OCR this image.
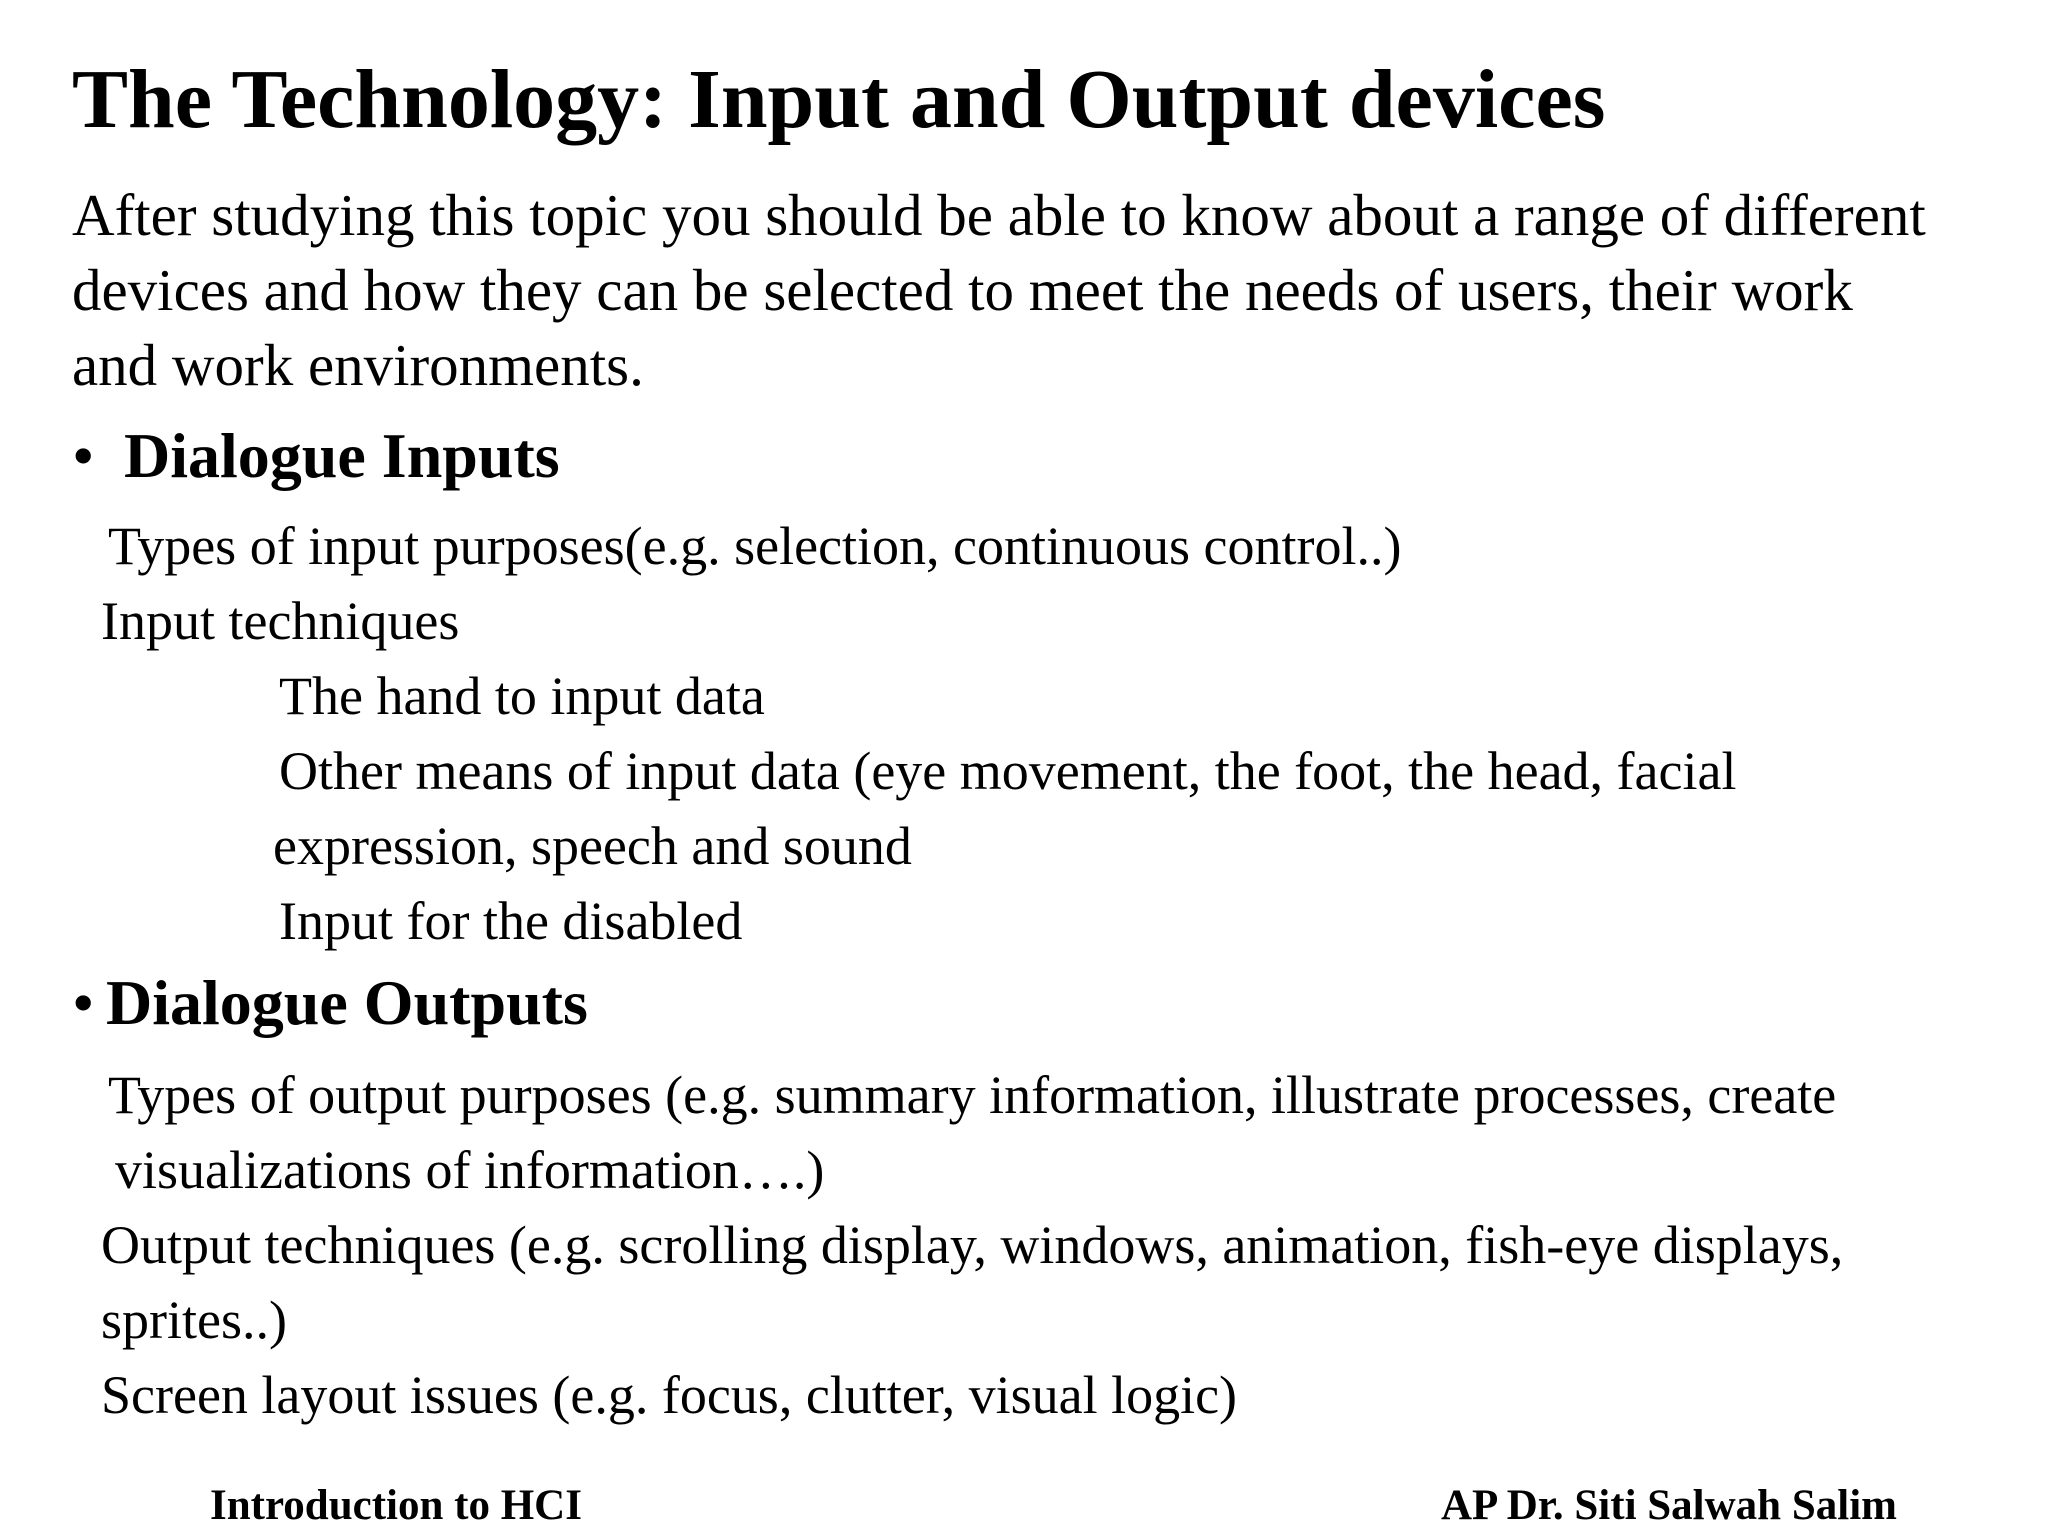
The Technology: Input and Output devices
After studying this topic you should be able to know about a range of different
devices and how they can be selected to meet the needs of users, their work
and work environments.
• Dialogue Inputs
Types of input purposes(e.g. selection, continuous control..)
Input techniques
The hand to input data
Other means of input data (eye movement, the foot, the head, facial
expression, speech and sound
Input for the disabled
• Dialogue Outputs
Types of output purposes (e.g. summary information, illustrate processes, create
visualizations of information….)
Output techniques (e.g. scrolling display, windows, animation, fish-eye displays,
sprites..)
Screen layout issues (e.g. focus, clutter, visual logic)
Introduction to HCI	AP Dr. Siti Salwah Salim
